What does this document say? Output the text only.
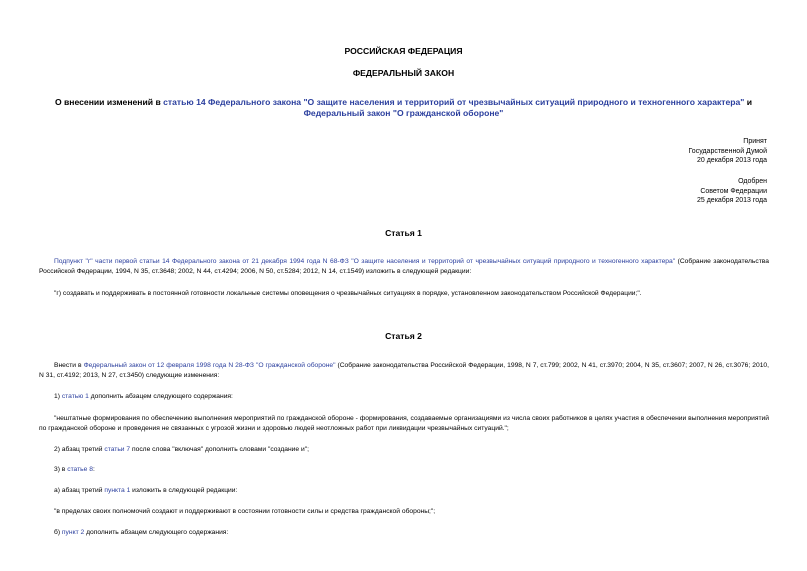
РОССИЙСКАЯ ФЕДЕРАЦИЯ
ФЕДЕРАЛЬНЫЙ ЗАКОН
О внесении изменений в статью 14 Федерального закона "О защите населения и территорий от чрезвычайных ситуаций природного и техногенного характера" и
Федеральный закон "О гражданской обороне"
Принят
Государственной Думой
20 декабря 2013 года
Одобрен
Советом Федерации
25 декабря 2013 года
Статья 1
Подпункт "г" части первой статьи 14 Федерального закона от 21 декабря 1994 года N 68-ФЗ "О защите населения и территорий от чрезвычайных ситуаций природного и техногенного характера" (Собрание законодательства Российской Федерации, 1994, N 35, ст.3648; 2002, N 44, ст.4294; 2006, N 50, ст.5284; 2012, N 14, ст.1549) изложить в следующей редакции:
"г) создавать и поддерживать в постоянной готовности локальные системы оповещения о чрезвычайных ситуациях в порядке, установленном законодательством Российской Федерации;".
Статья 2
Внести в Федеральный закон от 12 февраля 1998 года N 28-ФЗ "О гражданской обороне" (Собрание законодательства Российской Федерации, 1998, N 7, ст.799; 2002, N 41, ст.3970; 2004, N 35, ст.3607; 2007, N 26, ст.3076; 2010, N 31, ст.4192; 2013, N 27, ст.3450) следующие изменения:
1) статью 1 дополнить абзацем следующего содержания:
"нештатные формирования по обеспечению выполнения мероприятий по гражданской обороне - формирования, создаваемые организациями из числа своих работников в целях участия в обеспечении выполнения мероприятий по гражданской обороне и проведения не связанных с угрозой жизни и здоровью людей неотложных работ при ликвидации чрезвычайных ситуаций.";
2) абзац третий статьи 7 после слова "включая" дополнить словами "создание и";
3) в статье 8:
а) абзац третий пункта 1 изложить в следующей редакции:
"в пределах своих полномочий создают и поддерживают в состоянии готовности силы и средства гражданской обороны;";
б) пункт 2 дополнить абзацем следующего содержания:
